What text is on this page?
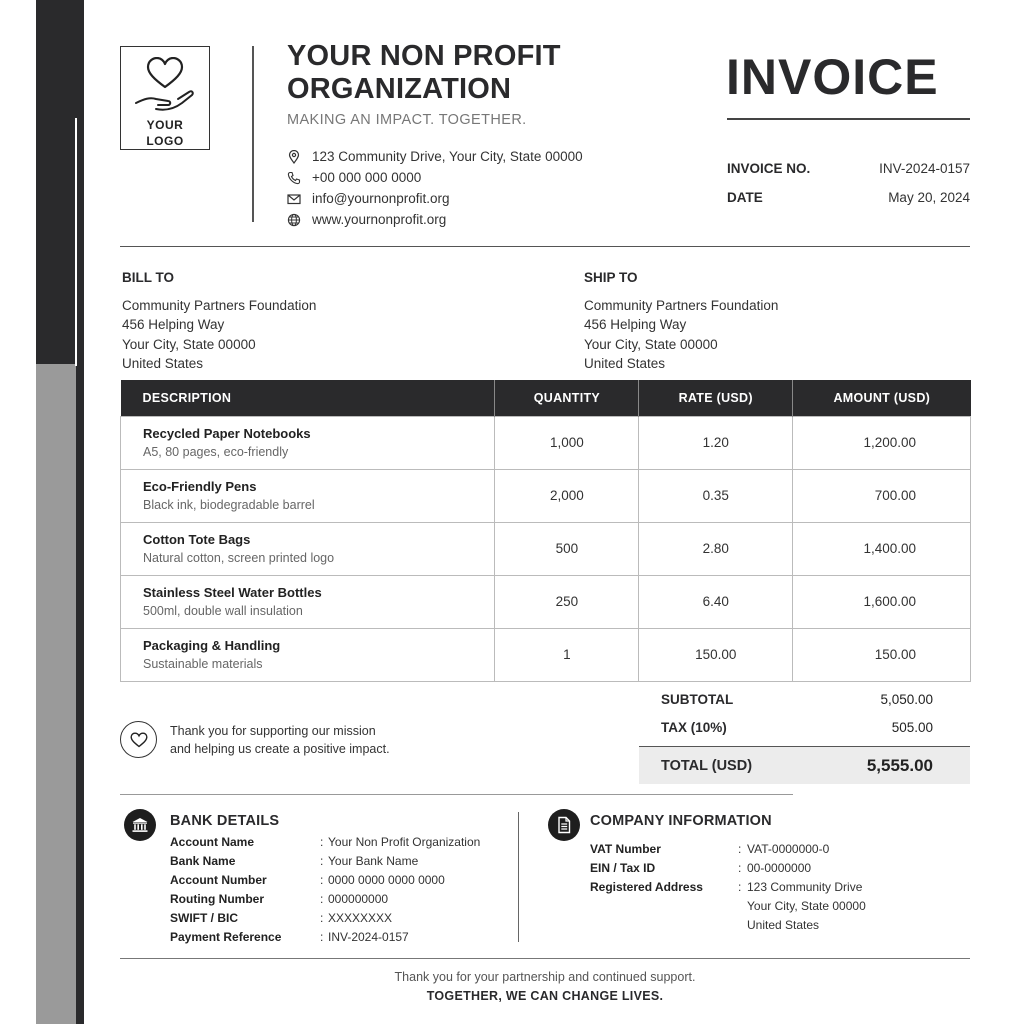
YOUR
LOGO
YOUR NON PROFIT
ORGANIZATION
MAKING AN IMPACT. TOGETHER.
123 Community Drive, Your City, State 00000
+00 000 000 0000
info@yournonprofit.org
www.yournonprofit.org
INVOICE
INVOICE NO.	INV-2024-0157
DATE	May 20, 2024
BILL TO
Community Partners Foundation
456 Helping Way
Your City, State 00000
United States
SHIP TO
Community Partners Foundation
456 Helping Way
Your City, State 00000
United States
DESCRIPTION	QUANTITY	RATE (USD)	AMOUNT (USD)

Recycled Paper Notebooks
A5, 80 pages, eco-friendly	1,000	1.20	1,200.00

Eco-Friendly Pens
Black ink, biodegradable barrel	2,000	0.35	700.00

Cotton Tote Bags
Natural cotton, screen printed logo	500	2.80	1,400.00

Stainless Steel Water Bottles
500ml, double wall insulation	250	6.40	1,600.00

Packaging & Handling
Sustainable materials	1	150.00	150.00
Thank you for supporting our mission
and helping us create a positive impact.
SUBTOTAL	5,050.00
TAX (10%)	505.00
TOTAL (USD)	5,555.00
BANK DETAILS
Account Name	: Your Non Profit Organization
Bank Name	: Your Bank Name
Account Number	: 0000 0000 0000 0000
Routing Number	: 000000000
SWIFT / BIC	: XXXXXXXX
Payment Reference	: INV-2024-0157
COMPANY INFORMATION
VAT Number	: VAT-0000000-0
EIN / Tax ID	: 00-0000000
Registered Address	: 123 Community Drive
Your City, State 00000
United States
Thank you for your partnership and continued support.
TOGETHER, WE CAN CHANGE LIVES.
